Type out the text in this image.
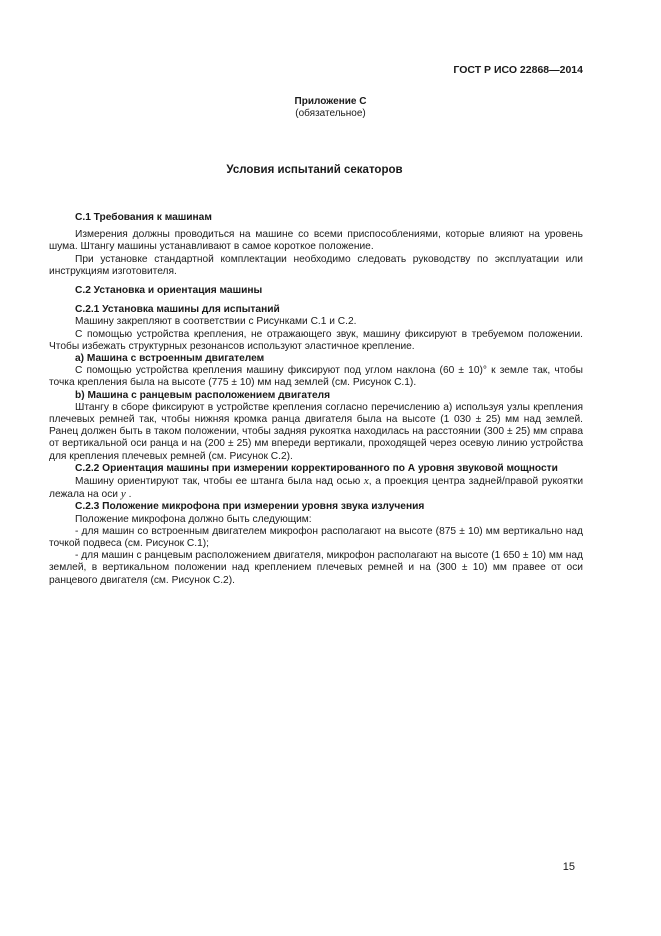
ГОСТ Р ИСО 22868—2014
Приложение С
(обязательное)
Условия испытаний секаторов

С.1 Требования к машинам

Измерения должны проводиться на машине со всеми приспособлениями, которые влияют на уровень шума. Штангу машины устанавливают в самое короткое положение.

При установке стандартной комплектации необходимо следовать руководству по эксплуатации или инструкциям изготовителя.

С.2 Установка и ориентация машины

С.2.1 Установка машины для испытаний

Машину закрепляют в соответствии с Рисунками С.1 и С.2.

С помощью устройства крепления, не отражающего звук, машину фиксируют в требуемом положении. Чтобы избежать структурных резонансов используют эластичное крепление.

а) Машина с встроенным двигателем

С помощью устройства крепления машину фиксируют под углом наклона (60 ± 10)° к земле так, чтобы точка крепления была на высоте (775 ± 10) мм над землей (см. Рисунок С.1).

b) Машина с ранцевым расположением двигателя

Штангу в сборе фиксируют в устройстве крепления согласно перечислению а) используя узлы крепления плечевых ремней так, чтобы нижняя кромка ранца двигателя была на высоте (1 030 ± 25) мм над землей. Ранец должен быть в таком положении, чтобы задняя рукоятка находилась на расстоянии (300 ± 25) мм справа от вертикальной оси ранца и на (200 ± 25) мм впереди вертикали, проходящей через осевую линию устройства для крепления плечевых ремней (см. Рисунок С.2).

С.2.2 Ориентация машины при измерении корректированного по А уровня звуковой мощности

Машину ориентируют так, чтобы ее штанга была над осью x, а проекция центра задней/правой рукоятки лежала на оси y .

С.2.3 Положение микрофона при измерении уровня звука излучения

Положение микрофона должно быть следующим:

- для машин со встроенным двигателем микрофон располагают на высоте (875 ± 10) мм вертикально над точкой подвеса (см. Рисунок С.1);

- для машин с ранцевым расположением двигателя, микрофон располагают на высоте (1 650 ± 10) мм над землей, в вертикальном положении над креплением плечевых ремней и на (300 ± 10) мм правее от оси ранцевого двигателя (см. Рисунок С.2).

15
